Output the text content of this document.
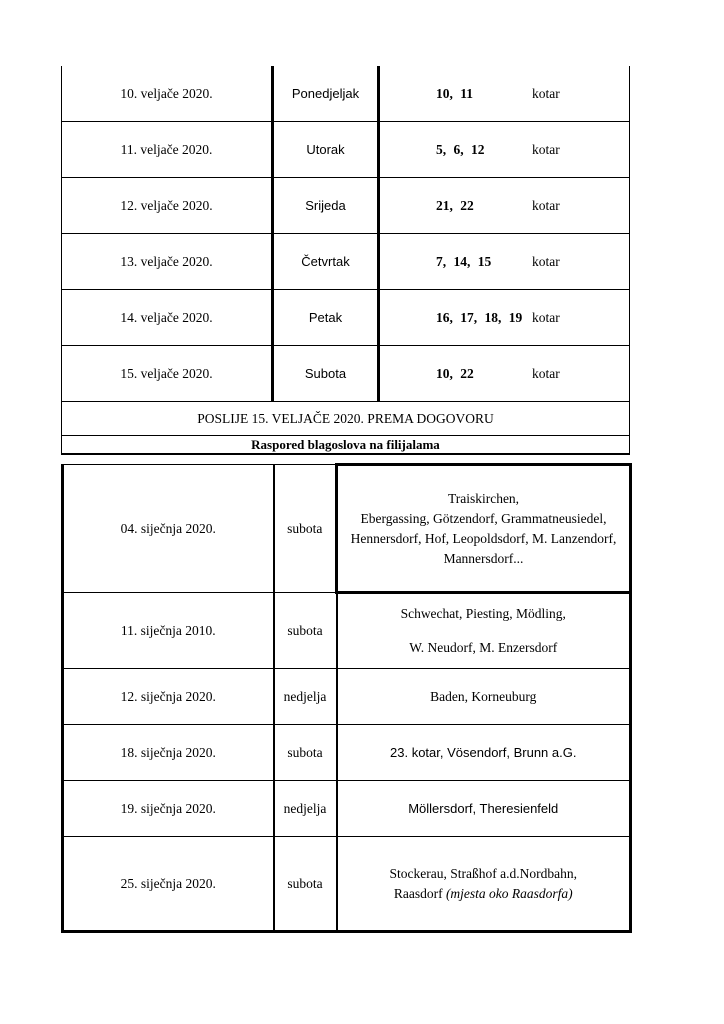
10. veljače 2020.	Ponedjeljak	10, 11 kotar

11. veljače 2020.	Utorak	5, 6, 12 kotar

12. veljače 2020.	Srijeda	21, 22 kotar

13. veljače 2020.	Četvrtak	7, 14, 15 kotar

14. veljače 2020.	Petak	16, 17, 18, 19 kotar

15. veljače 2020.	Subota	10, 22 kotar

POSLIJE 15. VELJAČE 2020. PREMA DOGOVORU		
Raspored blagoslova na filijalama		
04. siječnja 2020.	subota	Traiskirchen,
Ebergassing, Götzendorf, Grammatneusiedel,
Hennersdorf, Hof, Leopoldsdorf, M. Lanzendorf,
Mannersdorf...

11. siječnja 2010.	subota	Schwechat, Piesting, Mödling,
W. Neudorf, M. Enzersdorf

12. siječnja 2020.	nedjelja	Baden, Korneuburg

18. siječnja 2020.	subota	23. kotar, Vösendorf, Brunn a.G.

19. siječnja 2020.	nedjelja	Möllersdorf, Theresienfeld

25. siječnja 2020.	subota	Stockerau, Straßhof a.d.Nordbahn,
Raasdorf (mjesta oko Raasdorfa)
